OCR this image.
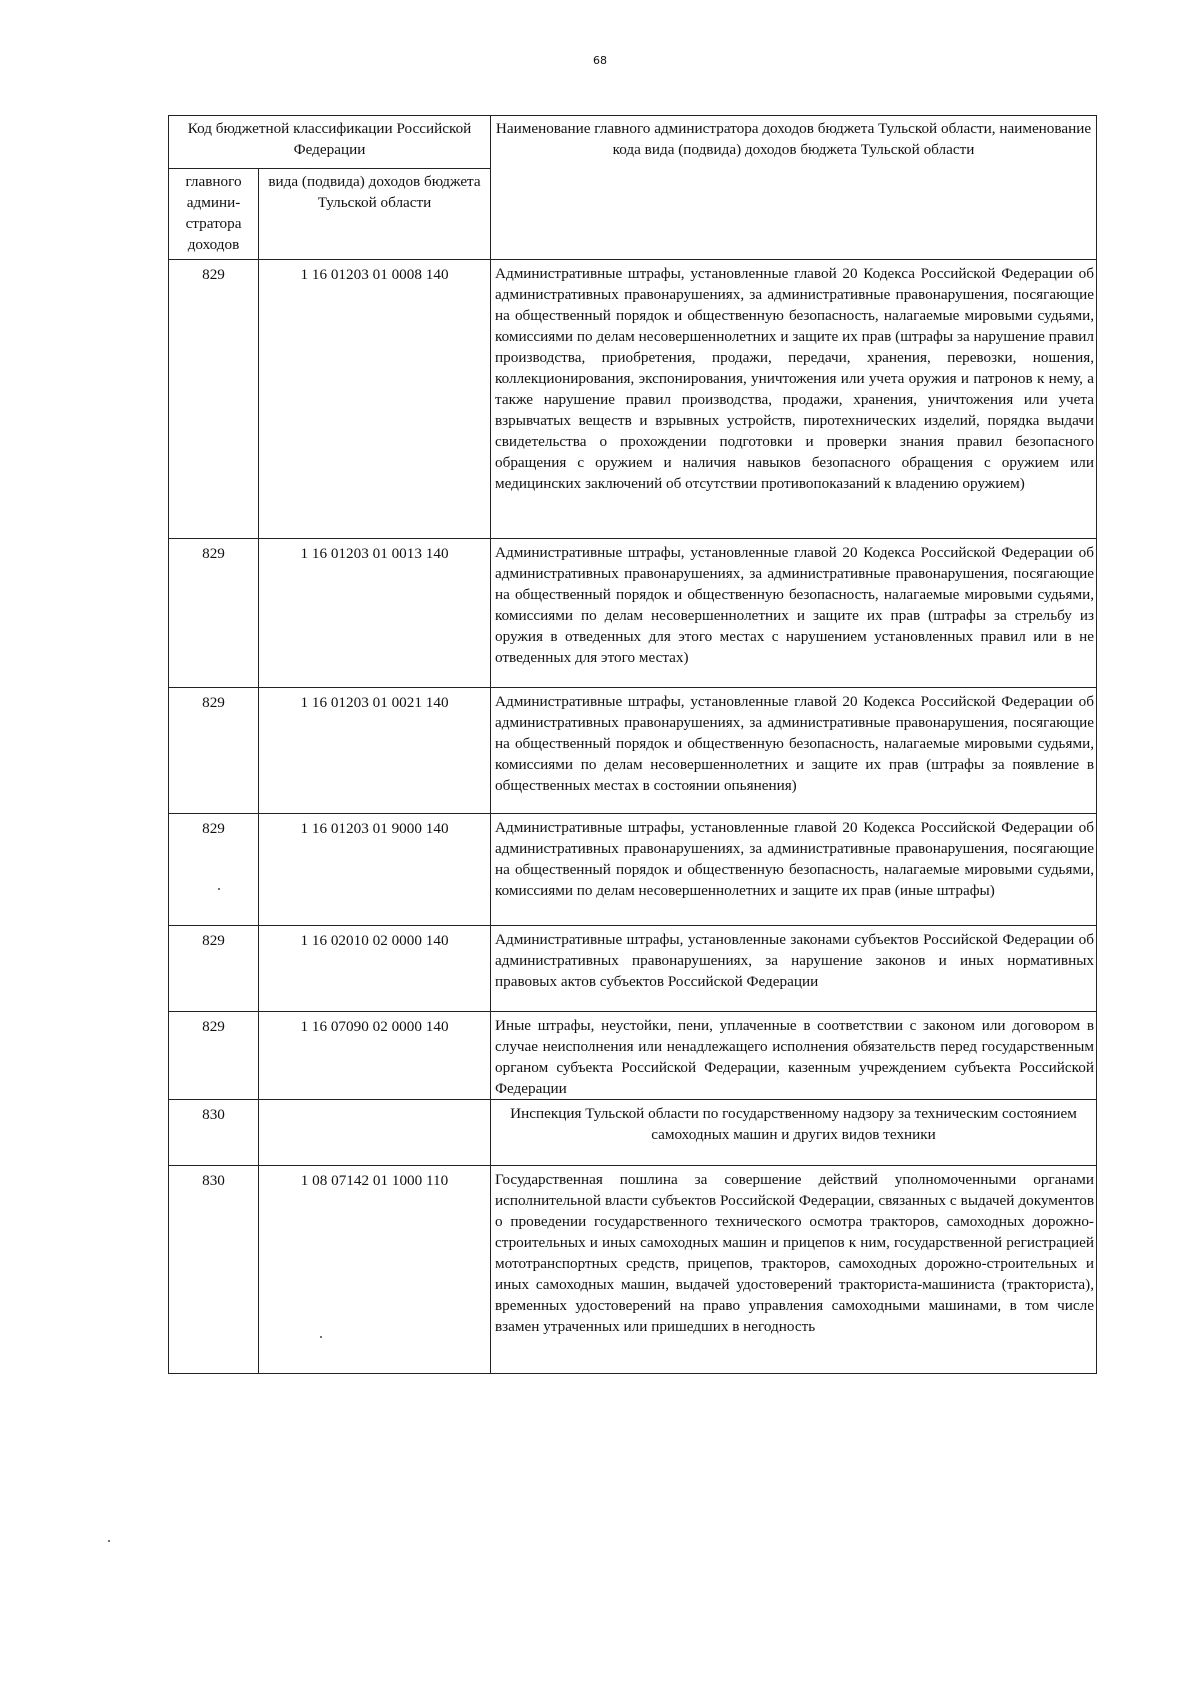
68
Код бюджетной классификации Российской Федерации		Наименование главного администратора доходов бюджета Тульской области, наименование кода вида (подвида) доходов бюджета Тульской области
главного админи-стратора доходов	вида (подвида) доходов бюджета Тульской области	
829	1 16 01203 01 0008 140	Административные штрафы, установленные главой 20 Кодекса Российской Федерации об административных правонарушениях, за административные правонарушения, посягающие на общественный порядок и общественную безопасность, налагаемые мировыми судьями, комиссиями по делам несовершеннолетних и защите их прав (штрафы за нарушение правил производства, приобретения, продажи, передачи, хранения, перевозки, ношения, коллекционирования, экспонирования, уничтожения или учета оружия и патронов к нему, а также нарушение правил производства, продажи, хранения, уничтожения или учета взрывчатых веществ и взрывных устройств, пиротехнических изделий, порядка выдачи свидетельства о прохождении подготовки и проверки знания правил безопасного обращения с оружием и наличия навыков безопасного обращения с оружием или медицинских заключений об отсутствии противопоказаний к владению оружием)
829	1 16 01203 01 0013 140	Административные штрафы, установленные главой 20 Кодекса Российской Федерации об административных правонарушениях, за административные правонарушения, посягающие на общественный порядок и общественную безопасность, налагаемые мировыми судьями, комиссиями по делам несовершеннолетних и защите их прав (штрафы за стрельбу из оружия в отведенных для этого местах с нарушением установленных правил или в не отведенных для этого местах)
829	1 16 01203 01 0021 140	Административные штрафы, установленные главой 20 Кодекса Российской Федерации об административных правонарушениях, за административные правонарушения, посягающие на общественный порядок и общественную безопасность, налагаемые мировыми судьями, комиссиями по делам несовершеннолетних и защите их прав (штрафы за появление в общественных местах в состоянии опьянения)
829	1 16 01203 01 9000 140	Административные штрафы, установленные главой 20 Кодекса Российской Федерации об административных правонарушениях, за административные правонарушения, посягающие на общественный порядок и общественную безопасность, налагаемые мировыми судьями, комиссиями по делам несовершеннолетних и защите их прав (иные штрафы)
829	1 16 02010 02 0000 140	Административные штрафы, установленные законами субъектов Российской Федерации об административных правонарушениях, за нарушение законов и иных нормативных правовых актов субъектов Российской Федерации
829	1 16 07090 02 0000 140	Иные штрафы, неустойки, пени, уплаченные в соответствии с законом или договором в случае неисполнения или ненадлежащего исполнения обязательств перед государственным органом субъекта Российской Федерации, казенным учреждением субъекта Российской Федерации
830		Инспекция Тульской области по государственному надзору за техническим состоянием самоходных машин и других видов техники
830	1 08 07142 01 1000 110	Государственная пошлина за совершение действий уполномоченными органами исполнительной власти субъектов Российской Федерации, связанных с выдачей документов о проведении государственного технического осмотра тракторов, самоходных дорожно-строительных и иных самоходных машин и прицепов к ним, государственной регистрацией мототранспортных средств, прицепов, тракторов, самоходных дорожно-строительных и иных самоходных машин, выдачей удостоверений тракториста-машиниста (тракториста), временных удостоверений на право управления самоходными машинами, в том числе взамен утраченных или пришедших в негодность
